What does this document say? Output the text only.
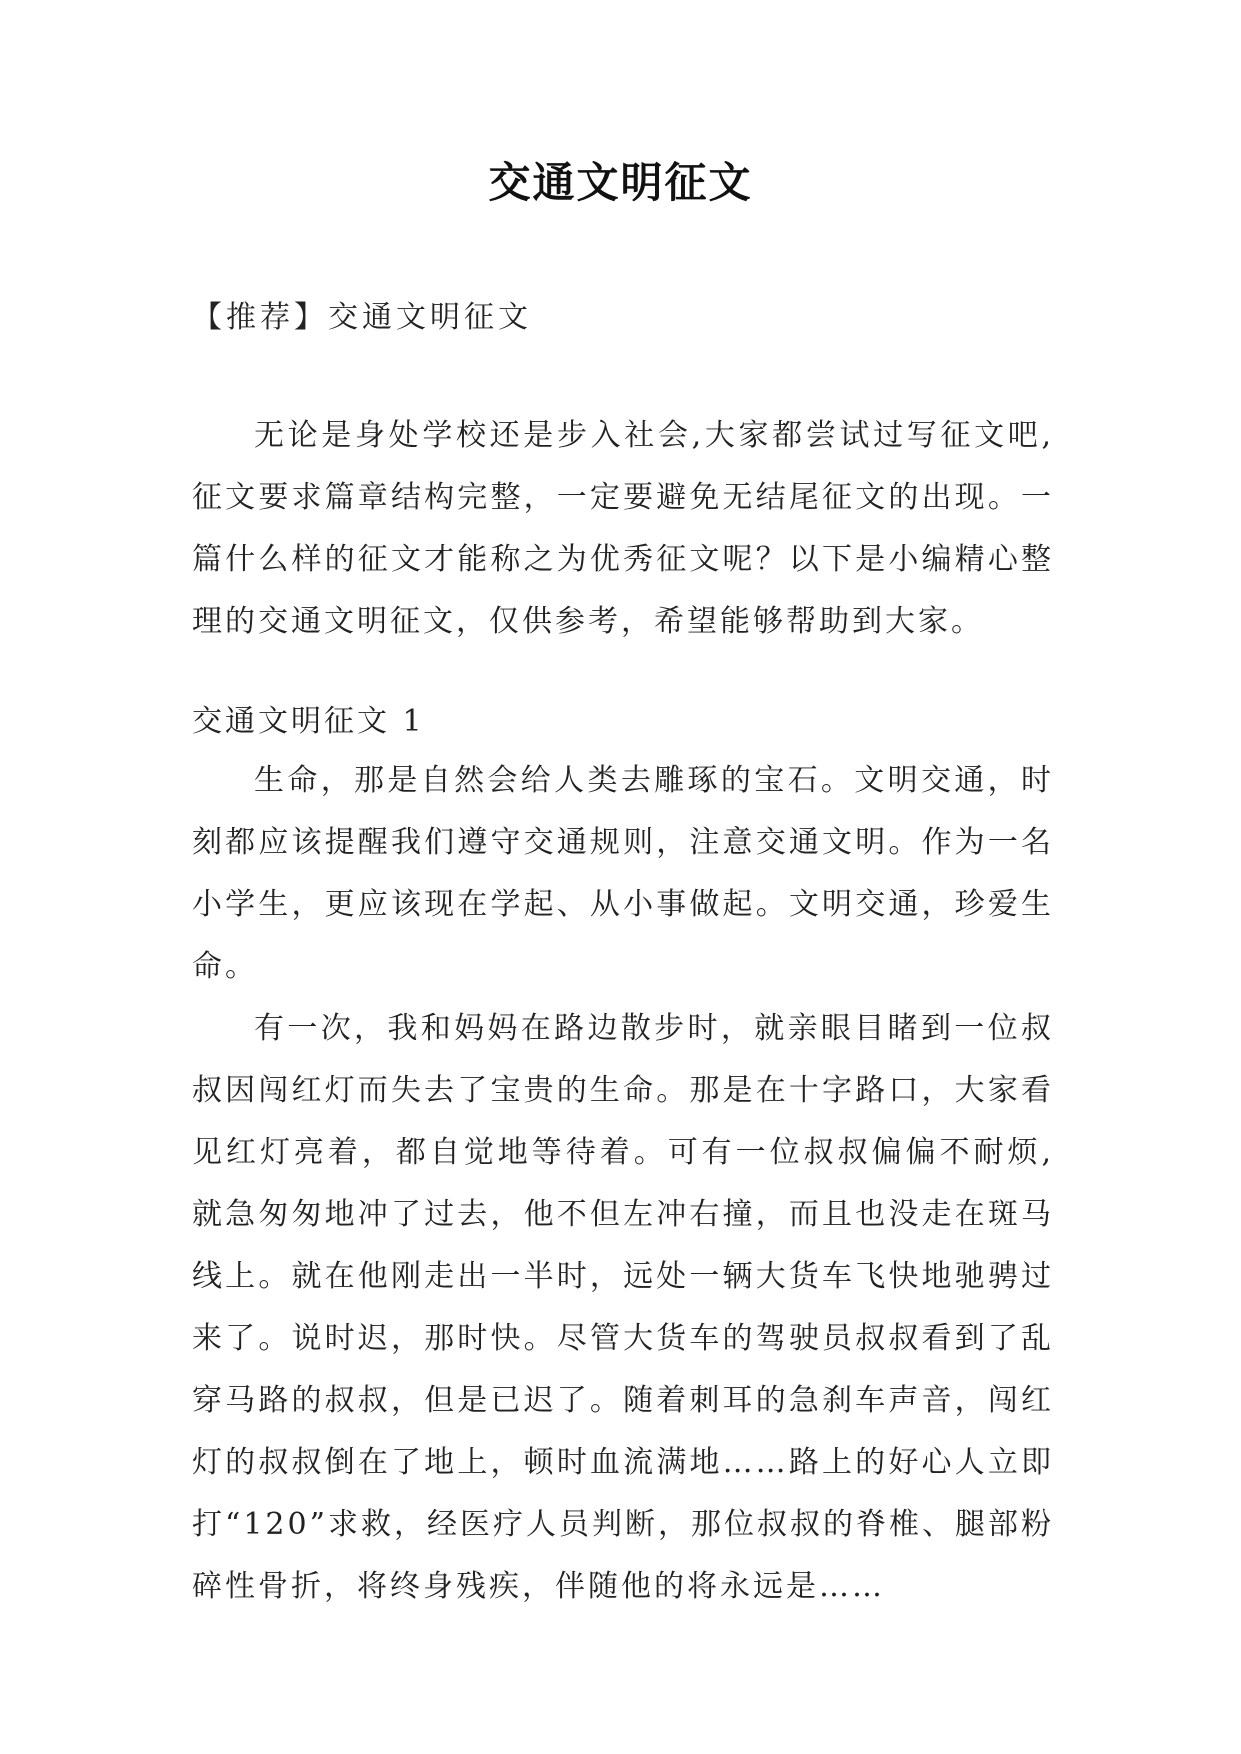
交通文明征文
【推荐】交通文明征文

无论是身处学校还是步入社会,大家都尝试过写征文吧,征文要求篇章结构完整，一定要避免无结尾征文的出现。一篇什么样的征文才能称之为优秀征文呢？以下是小编精心整理的交通文明征文，仅供参考，希望能够帮助到大家。

交通文明征文 1

生命，那是自然会给人类去雕琢的宝石。文明交通，时刻都应该提醒我们遵守交通规则，注意交通文明。作为一名小学生，更应该现在学起、从小事做起。文明交通，珍爱生命。

有一次，我和妈妈在路边散步时，就亲眼目睹到一位叔叔因闯红灯而失去了宝贵的生命。那是在十字路口，大家看见红灯亮着，都自觉地等待着。可有一位叔叔偏偏不耐烦,就急匆匆地冲了过去，他不但左冲右撞，而且也没走在斑马线上。就在他刚走出一半时，远处一辆大货车飞快地驰骋过来了。说时迟，那时快。尽管大货车的驾驶员叔叔看到了乱穿马路的叔叔，但是已迟了。随着刺耳的急刹车声音，闯红灯的叔叔倒在了地上，顿时血流满地……路上的好心人立即打“120”求救，经医疗人员判断，那位叔叔的脊椎、腿部粉碎性骨折，将终身残疾，伴随他的将永远是……
